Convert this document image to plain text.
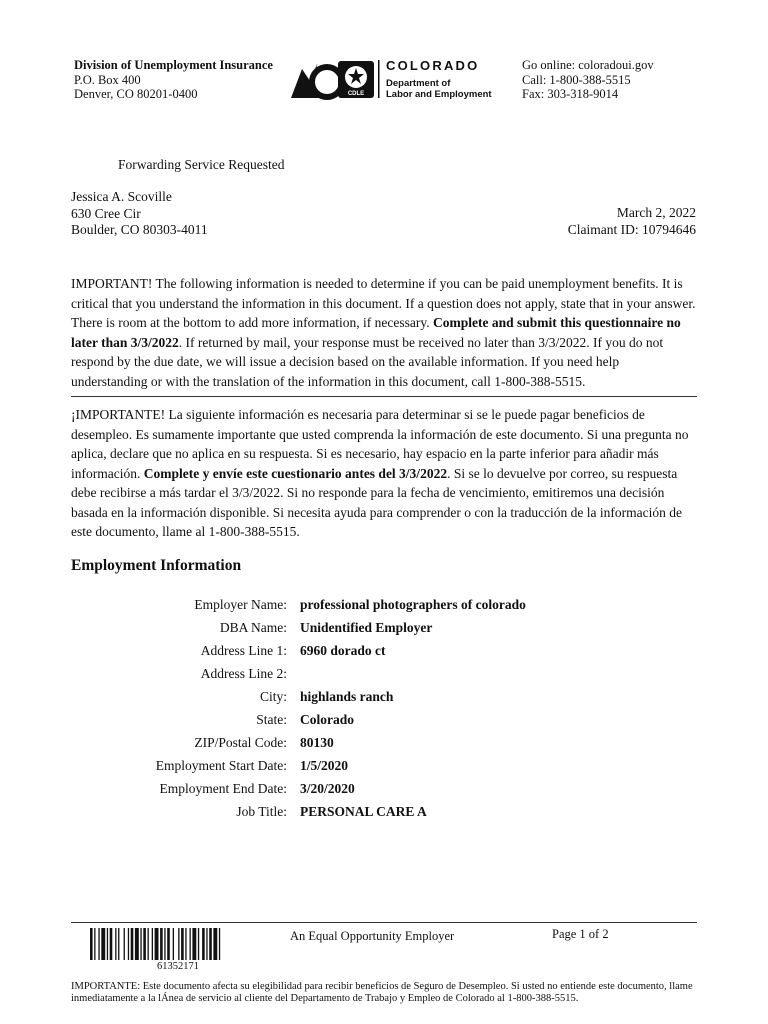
Division of Unemployment Insurance
P.O. Box 400
Denver, CO 80201-0400	CDLE
COLORADO
Department of
Labor and Employment
Go online: coloradoui.gov
Call: 1-800-388-5515
Fax: 303-318-9014
Forwarding Service Requested
Jessica A. Scoville
630 Cree Cir
Boulder, CO 80303-4011
March 2, 2022
Claimant ID: 10794646
IMPORTANT! The following information is needed to determine if you can be paid unemployment benefits. It is critical that you understand the information in this document. If a question does not apply, state that in your answer. There is room at the bottom to add more information, if necessary. Complete and submit this questionnaire no later than 3/3/2022. If returned by mail, your response must be received no later than 3/3/2022. If you do not respond by the due date, we will issue a decision based on the available information. If you need help understanding or with the translation of the information in this document, call 1-800-388-5515.
¡IMPORTANTE! La siguiente información es necesaria para determinar si se le puede pagar beneficios de desempleo. Es sumamente importante que usted comprenda la información de este documento. Si una pregunta no aplica, declare que no aplica en su respuesta. Si es necesario, hay espacio en la parte inferior para añadir más información. Complete y envíe este cuestionario antes del 3/3/2022. Si se lo devuelve por correo, su respuesta debe recibirse a más tardar el 3/3/2022. Si no responde para la fecha de vencimiento, emitiremos una decisión basada en la información disponible. Si necesita ayuda para comprender o con la traducción de la información de este documento, llame al 1-800-388-5515.
Employment Information
Employer Name: professional photographers of colorado
DBA Name: Unidentified Employer
Address Line 1: 6960 dorado ct
Address Line 2:
City: highlands ranch
State: Colorado
ZIP/Postal Code: 80130
Employment Start Date: 1/5/2020
Employment End Date: 3/20/2020
Job Title: PERSONAL CARE A
61352171
An Equal Opportunity Employer	Page 1 of 2
IMPORTANTE: Este documento afecta su elegibilidad para recibir beneficios de Seguro de Desempleo. Si usted no entiende este documento, llame inmediatamente a la lÁnea de servicio al cliente del Departamento de Trabajo y Empleo de Colorado al 1-800-388-5515.
